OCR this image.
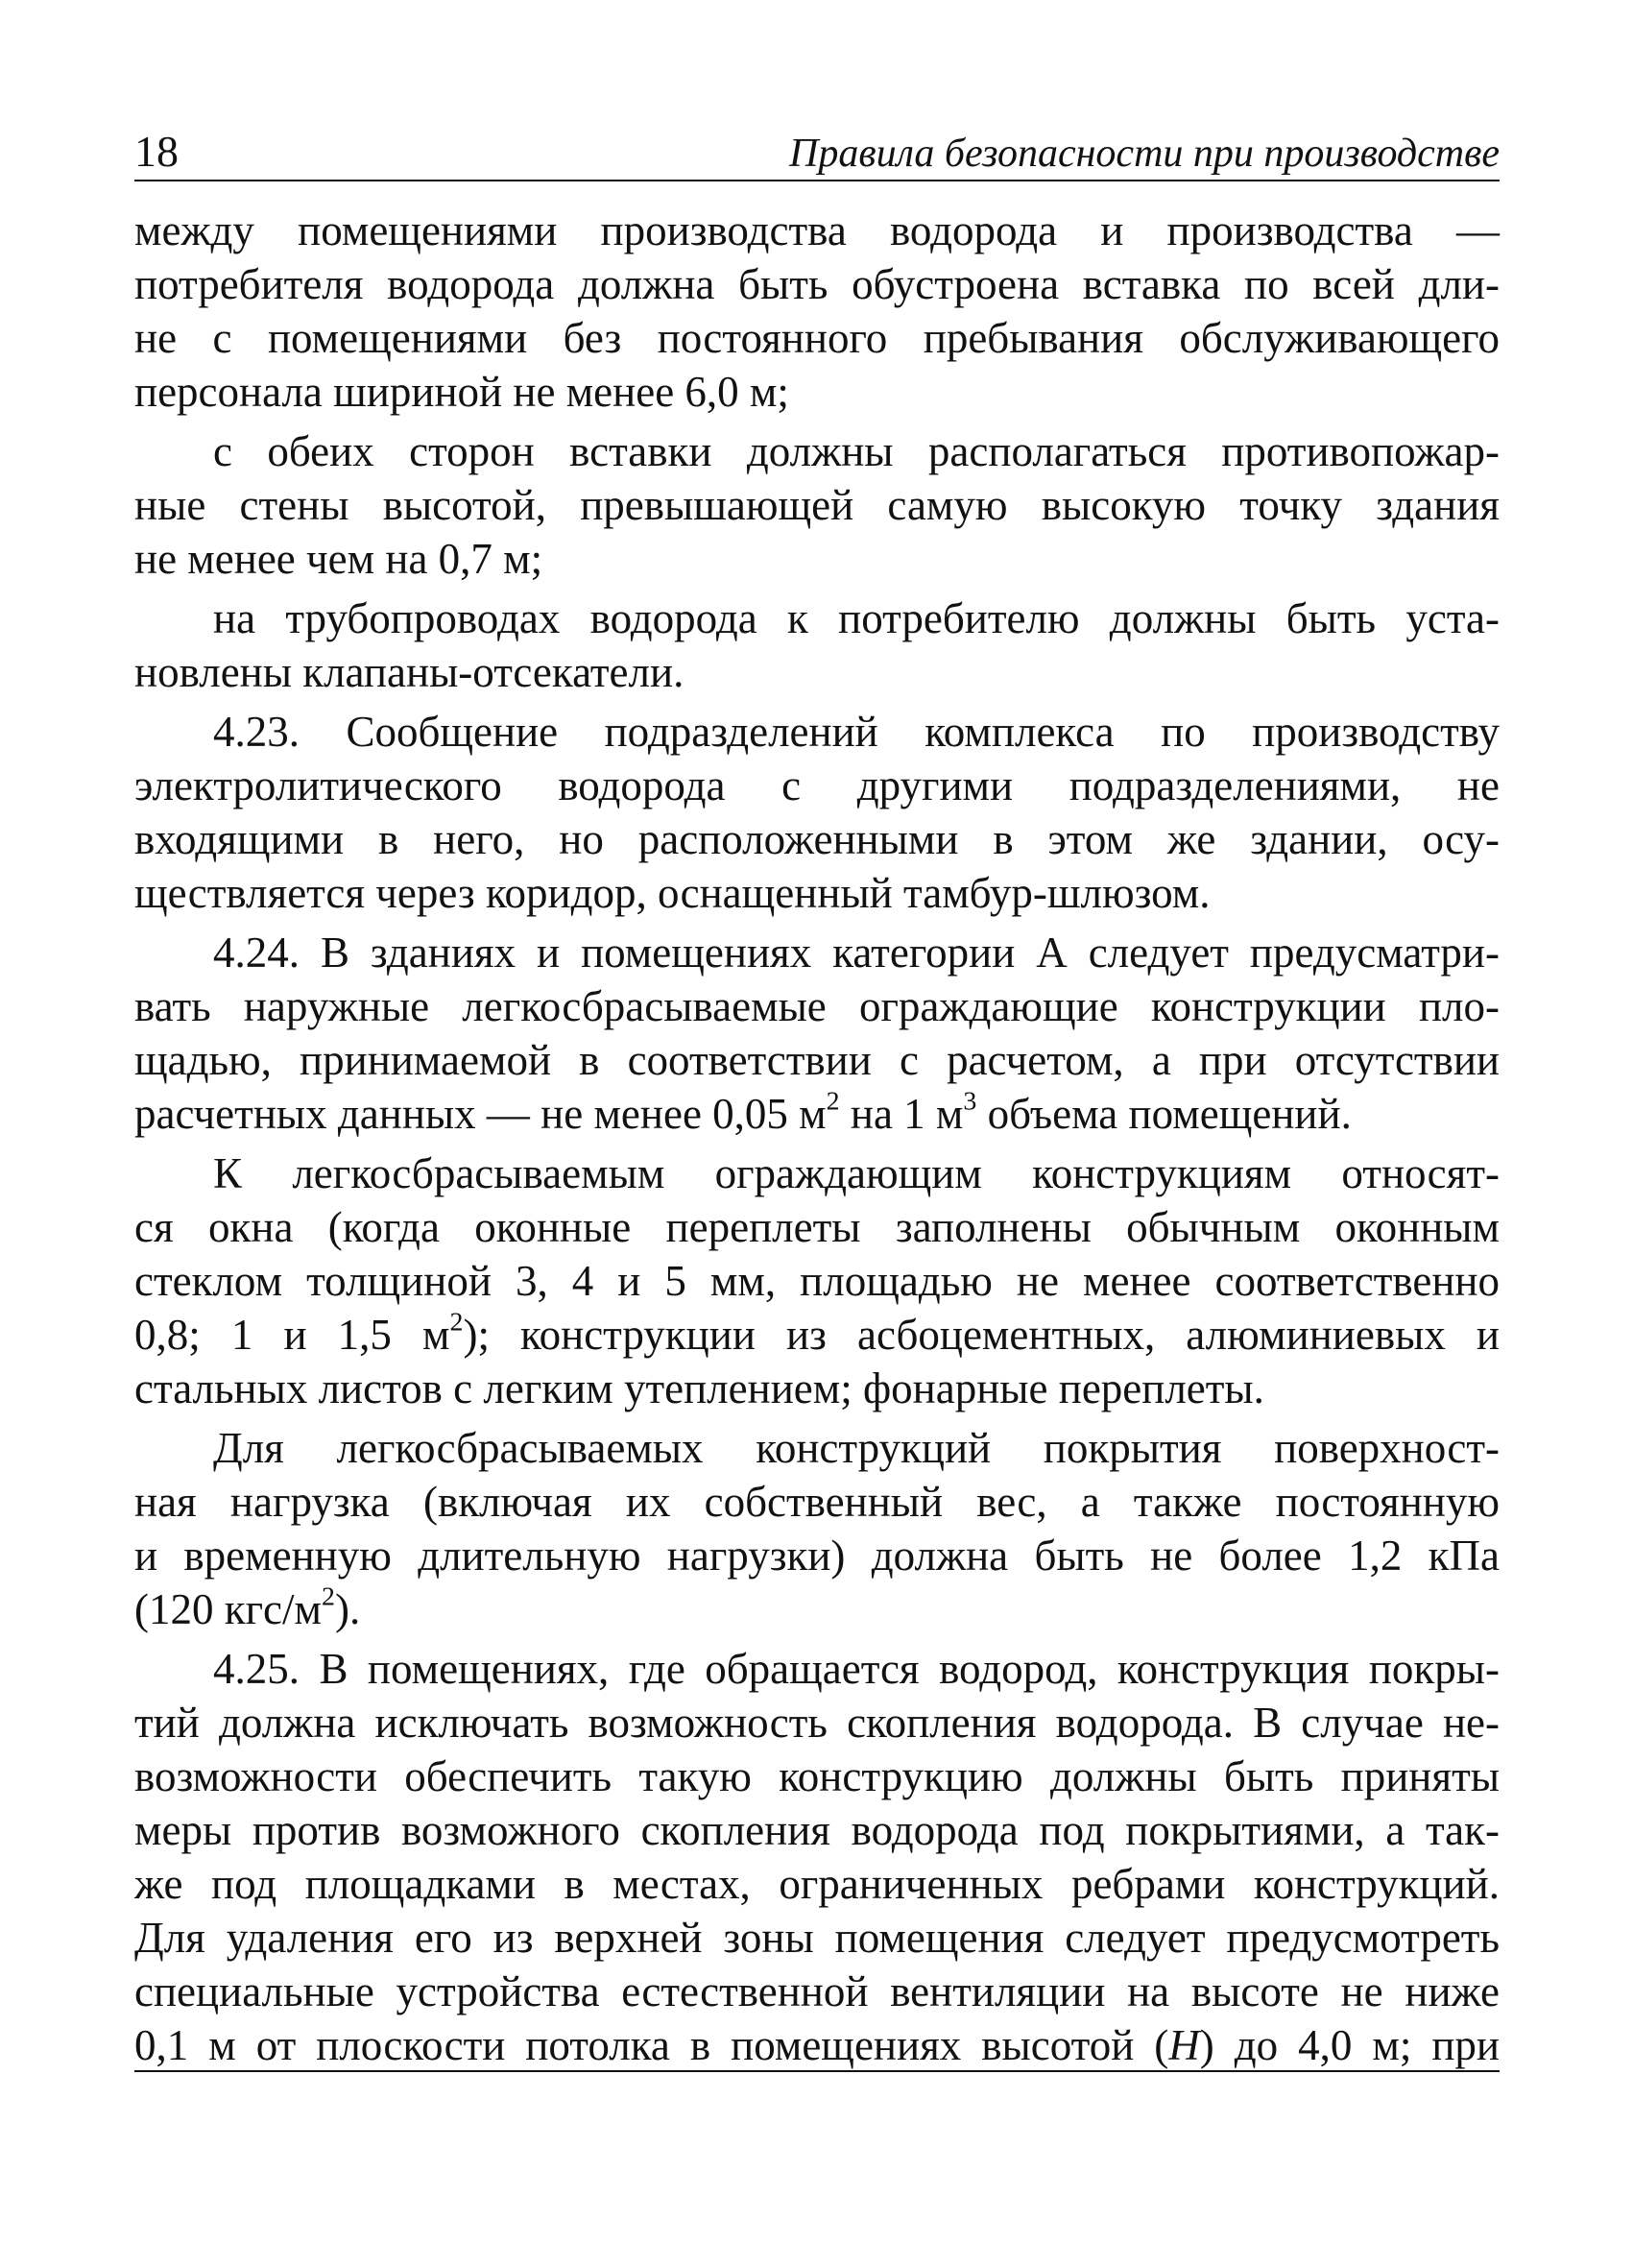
18	Правила безопасности при производстве

между помещениями производства водорода и производства —
потребителя водорода должна быть обустроена вставка по всей дли-
не с помещениями без постоянного пребывания обслуживающего
персонала шириной не менее 6,0 м;

с обеих сторон вставки должны располагаться противопожар-
ные стены высотой, превышающей самую высокую точку здания
не менее чем на 0,7 м;

на трубопроводах водорода к потребителю должны быть уста-
новлены клапаны-отсекатели.

4.23. Сообщение подразделений комплекса по производству
электролитического водорода с другими подразделениями, не
входящими в него, но расположенными в этом же здании, осу-
ществляется через коридор, оснащенный тамбур-шлюзом.

4.24. В зданиях и помещениях категории А следует предусматри-
вать наружные легкосбрасываемые ограждающие конструкции пло-
щадью, принимаемой в соответствии с расчетом, а при отсутствии
расчетных данных — не менее 0,05 $м^2$ на 1 $м^3$ объема помещений.

К легкосбрасываемым ограждающим конструкциям относят-
ся окна (когда оконные переплеты заполнены обычным оконным
стеклом толщиной 3, 4 и 5 мм, площадью не менее соответственно
0,8; 1 и 1,5 $м^2$); конструкции из асбоцементных, алюминиевых и
стальных листов с легким утеплением; фонарные переплеты.

Для легкосбрасываемых конструкций покрытия поверхност-
ная нагрузка (включая их собственный вес, а также постоянную
и временную длительную нагрузки) должна быть не более 1,2 кПа
(120 кгс/$м^2$).

4.25. В помещениях, где обращается водород, конструкция покры-
тий должна исключать возможность скопления водорода. В случае не-
возможности обеспечить такую конструкцию должны быть приняты
меры против возможного скопления водорода под покрытиями, а так-
же под площадками в местах, ограниченных ребрами конструкций.
Для удаления его из верхней зоны помещения следует предусмотреть
специальные устройства естественной вентиляции на высоте не ниже
0,1 м от плоскости потолка в помещениях высотой (Н) до 4,0 м; при
